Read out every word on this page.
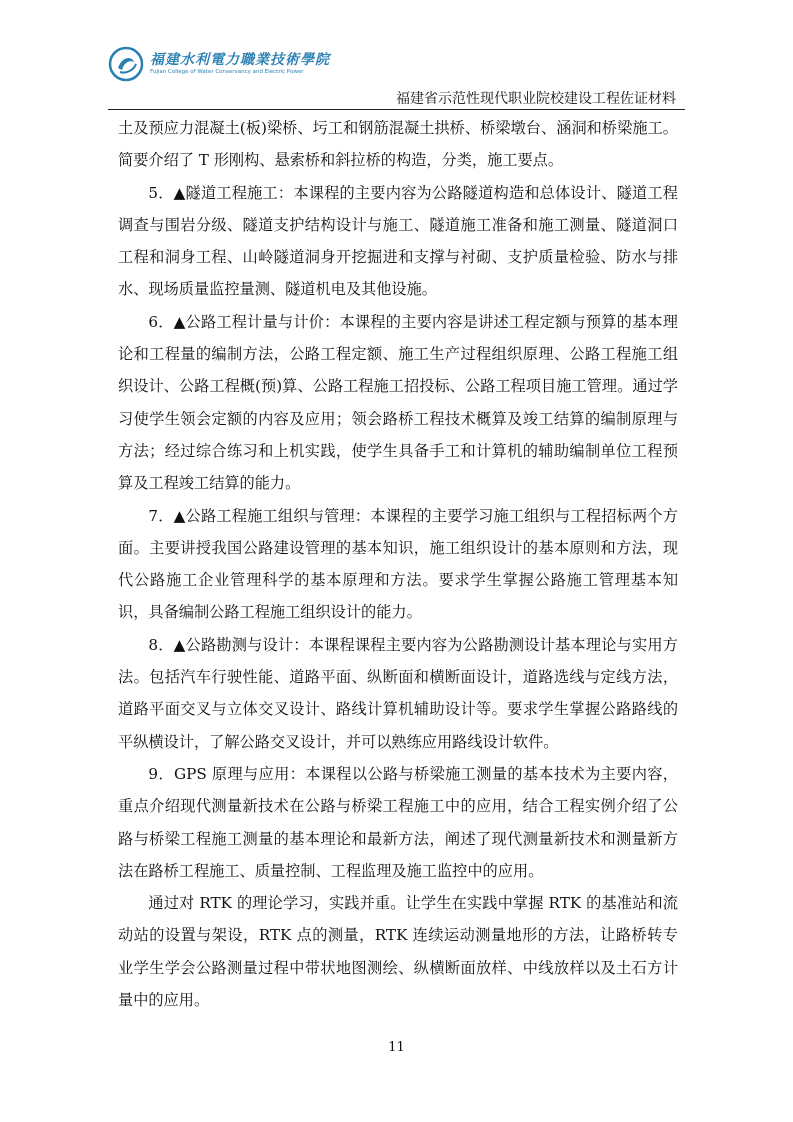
福建水利電力職業技術學院
Fujian College of Water Conservancy and Electric Power
福建省示范性现代职业院校建设工程佐证材料

土及预应力混凝土(板)梁桥、圬工和钢筋混凝土拱桥、桥梁墩台、涵洞和桥梁施工。简要介绍了 T 形刚构、悬索桥和斜拉桥的构造，分类，施工要点。

5．▲隧道工程施工：本课程的主要内容为公路隧道构造和总体设计、隧道工程调查与围岩分级、隧道支护结构设计与施工、隧道施工准备和施工测量、隧道洞口工程和洞身工程、山岭隧道洞身开挖掘进和支撑与衬砌、支护质量检验、防水与排水、现场质量监控量测、隧道机电及其他设施。

6．▲公路工程计量与计价：本课程的主要内容是讲述工程定额与预算的基本理论和工程量的编制方法，公路工程定额、施工生产过程组织原理、公路工程施工组织设计、公路工程概(预)算、公路工程施工招投标、公路工程项目施工管理。通过学习使学生领会定额的内容及应用；领会路桥工程技术概算及竣工结算的编制原理与方法；经过综合练习和上机实践，使学生具备手工和计算机的辅助编制单位工程预算及工程竣工结算的能力。

7．▲公路工程施工组织与管理：本课程的主要学习施工组织与工程招标两个方面。主要讲授我国公路建设管理的基本知识，施工组织设计的基本原则和方法，现代公路施工企业管理科学的基本原理和方法。要求学生掌握公路施工管理基本知识，具备编制公路工程施工组织设计的能力。

8．▲公路勘测与设计：本课程课程主要内容为公路勘测设计基本理论与实用方法。包括汽车行驶性能、道路平面、纵断面和横断面设计，道路选线与定线方法，道路平面交叉与立体交叉设计、路线计算机辅助设计等。要求学生掌握公路路线的平纵横设计，了解公路交叉设计，并可以熟练应用路线设计软件。

9．GPS 原理与应用：本课程以公路与桥梁施工测量的基本技术为主要内容，重点介绍现代测量新技术在公路与桥梁工程施工中的应用，结合工程实例介绍了公路与桥梁工程施工测量的基本理论和最新方法，阐述了现代测量新技术和测量新方法在路桥工程施工、质量控制、工程监理及施工监控中的应用。

通过对 RTK 的理论学习，实践并重。让学生在实践中掌握 RTK 的基准站和流动站的设置与架设，RTK 点的测量，RTK 连续运动测量地形的方法，让路桥转专业学生学会公路测量过程中带状地图测绘、纵横断面放样、中线放样以及土石方计量中的应用。

11
